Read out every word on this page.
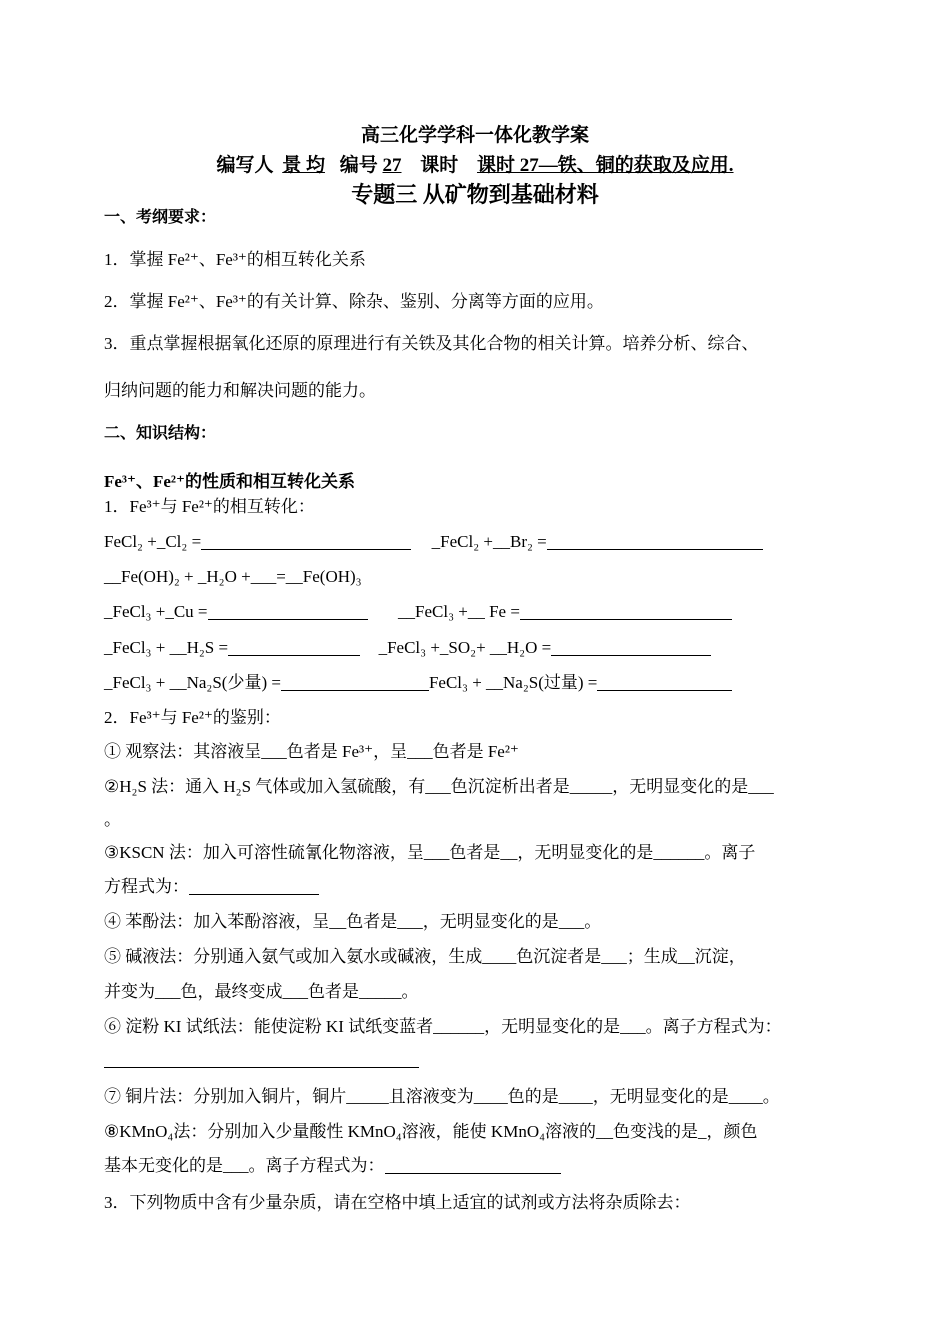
高三化学学科一体化教学案
编写人 景 均 编号 27 课时 课时 27—铁、铜的获取及应用.
专题三 从矿物到基础材料
一、考纲要求：
1．掌握 Fe²⁺、Fe³⁺的相互转化关系
2．掌握 Fe²⁺、Fe³⁺的有关计算、除杂、鉴别、分离等方面的应用。
3．重点掌握根据氧化还原的原理进行有关铁及其化合物的相关计算。培养分析、综合、
归纳问题的能力和解决问题的能力。
二、知识结构：
Fe³⁺、Fe²⁺的性质和相互转化关系
1．Fe³⁺与 Fe²⁺的相互转化：
FeCl₂ +_Cl₂ =	_FeCl₂ +__Br₂ =
__Fe(OH)₂ + _H₂O +___=__Fe(OH)₃
_FeCl₃ +_Cu =	__FeCl₃ +__ Fe =
_FeCl₃ + __H₂S =	_FeCl₃ +_SO₂+ __H₂O =
_FeCl₃ + __Na₂S(少量) =	FeCl₃ + __Na₂S(过量) =
2．Fe³⁺与 Fe²⁺的鉴别：
① 观察法：其溶液呈___色者是 Fe³⁺，呈___色者是 Fe²⁺
②H₂S 法：通入 H₂S 气体或加入氢硫酸，有___色沉淀析出者是_____，无明显变化的是___
。
③KSCN 法：加入可溶性硫氰化物溶液，呈___色者是__，无明显变化的是______。离子
方程式为：
④ 苯酚法：加入苯酚溶液，呈__色者是___，无明显变化的是___。
⑤ 碱液法：分别通入氨气或加入氨水或碱液，生成____色沉淀者是___；生成__沉淀，
并变为___色，最终变成___色者是_____。
⑥ 淀粉 KI 试纸法：能使淀粉 KI 试纸变蓝者______，无明显变化的是___。离子方程式为：
⑦ 铜片法：分别加入铜片，铜片_____且溶液变为____色的是____，无明显变化的是____。
⑧KMnO₄法：分别加入少量酸性 KMnO₄溶液，能使 KMnO₄溶液的__色变浅的是_，颜色
基本无变化的是___。离子方程式为：
3．下列物质中含有少量杂质，请在空格中填上适宜的试剂或方法将杂质除去：
